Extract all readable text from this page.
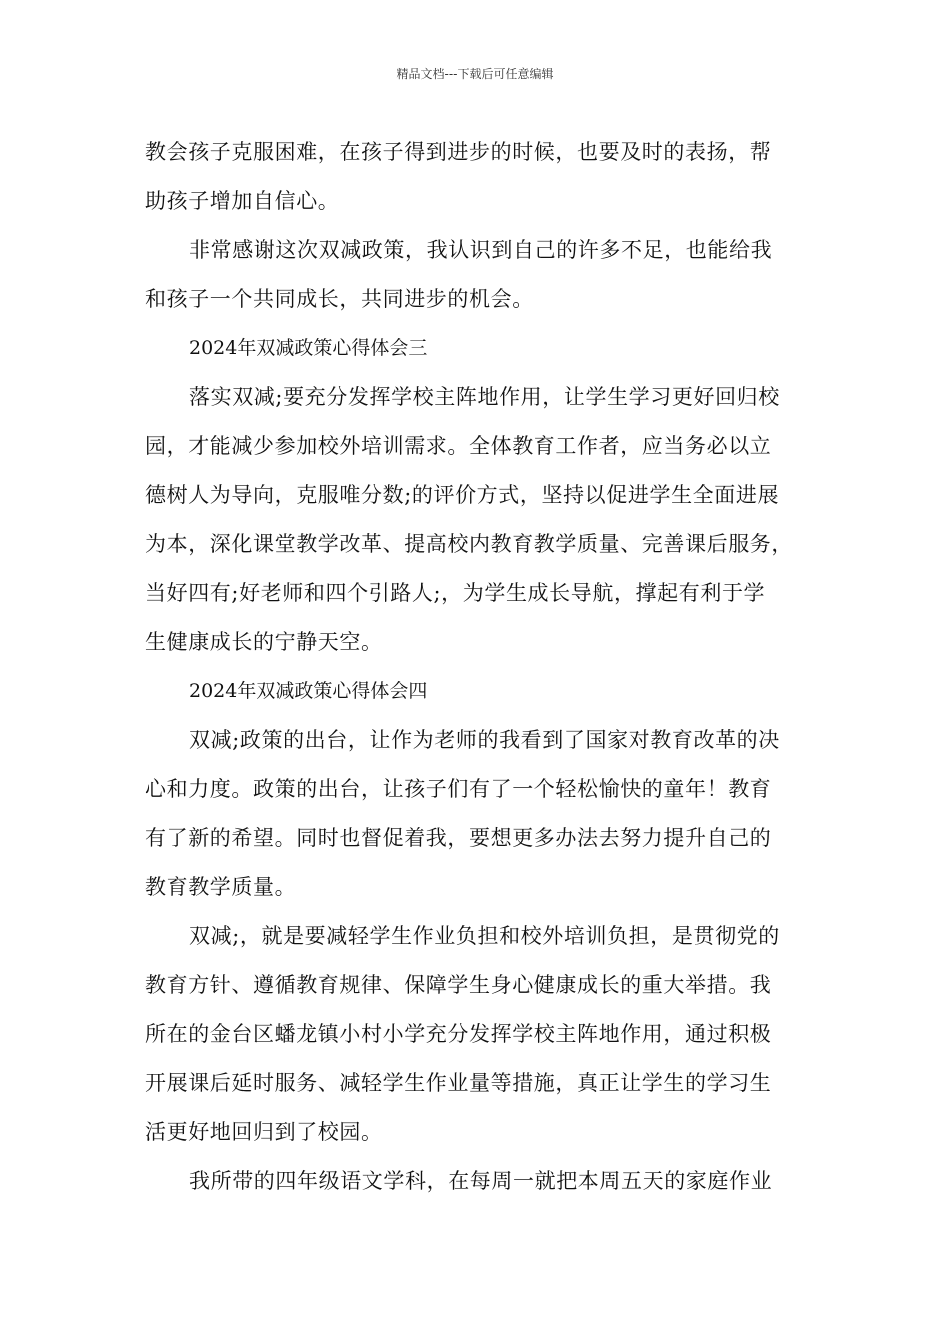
精品文档---下载后可任意编辑
教会孩子克服困难，在孩子得到进步的时候，也要及时的表扬，帮
助孩子增加自信心。
非常感谢这次双减政策，我认识到自己的许多不足，也能给我
和孩子一个共同成长，共同进步的机会。
2024年双减政策心得体会三
落实双减;要充分发挥学校主阵地作用，让学生学习更好回归校
园，才能减少参加校外培训需求。全体教育工作者，应当务必以立
德树人为导向，克服唯分数;的评价方式，坚持以促进学生全面进展
为本，深化课堂教学改革、提高校内教育教学质量、完善课后服务，
当好四有;好老师和四个引路人;，为学生成长导航，撑起有利于学
生健康成长的宁静天空。
2024年双减政策心得体会四
双减;政策的出台，让作为老师的我看到了国家对教育改革的决
心和力度。政策的出台，让孩子们有了一个轻松愉快的童年！教育
有了新的希望。同时也督促着我，要想更多办法去努力提升自己的
教育教学质量。
双减;，就是要减轻学生作业负担和校外培训负担，是贯彻党的
教育方针、遵循教育规律、保障学生身心健康成长的重大举措。我
所在的金台区蟠龙镇小村小学充分发挥学校主阵地作用，通过积极
开展课后延时服务、减轻学生作业量等措施，真正让学生的学习生
活更好地回归到了校园。
我所带的四年级语文学科，在每周一就把本周五天的家庭作业
